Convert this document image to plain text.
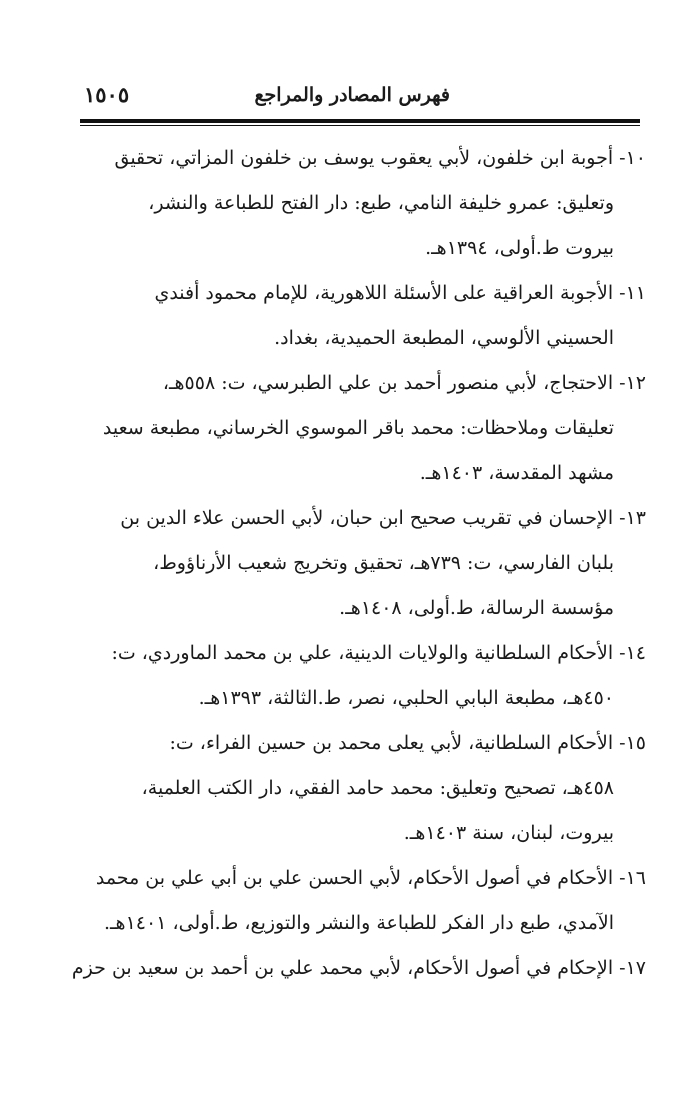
فهرس المصادر والمراجع
١٥٠٥
١٠- أجوبة ابن خلفون، لأبي يعقوب يوسف بن خلفون المزاتي، تحقيق
وتعليق: عمرو خليفة النامي، طبع: دار الفتح للطباعة والنشر،
بيروت ط.أولى، ١٣٩٤هـ.
١١- الأجوبة العراقية على الأسئلة اللاهورية، للإمام محمود أفندي
الحسيني الألوسي، المطبعة الحميدية، بغداد.
١٢- الاحتجاج، لأبي منصور أحمد بن علي الطبرسي، ت: ٥٥٨هـ،
تعليقات وملاحظات: محمد باقر الموسوي الخرساني، مطبعة سعيد
مشهد المقدسة، ١٤٠٣هـ.
١٣- الإحسان في تقريب صحيح ابن حبان، لأبي الحسن علاء الدين بن
بلبان الفارسي، ت: ٧٣٩هـ، تحقيق وتخريج شعيب الأرناؤوط،
مؤسسة الرسالة، ط.أولى، ١٤٠٨هـ.
١٤- الأحكام السلطانية والولايات الدينية، علي بن محمد الماوردي، ت:
٤٥٠هـ، مطبعة البابي الحلبي، نصر، ط.الثالثة، ١٣٩٣هـ.
١٥- الأحكام السلطانية، لأبي يعلى محمد بن حسين الفراء، ت:
٤٥٨هـ، تصحيح وتعليق: محمد حامد الفقي، دار الكتب العلمية،
بيروت، لبنان، سنة ١٤٠٣هـ.
١٦- الأحكام في أصول الأحكام، لأبي الحسن علي بن أبي علي بن محمد
الآمدي، طبع دار الفكر للطباعة والنشر والتوزيع، ط.أولى، ١٤٠١هـ.
١٧- الإحكام في أصول الأحكام، لأبي محمد علي بن أحمد بن سعيد بن حزم
